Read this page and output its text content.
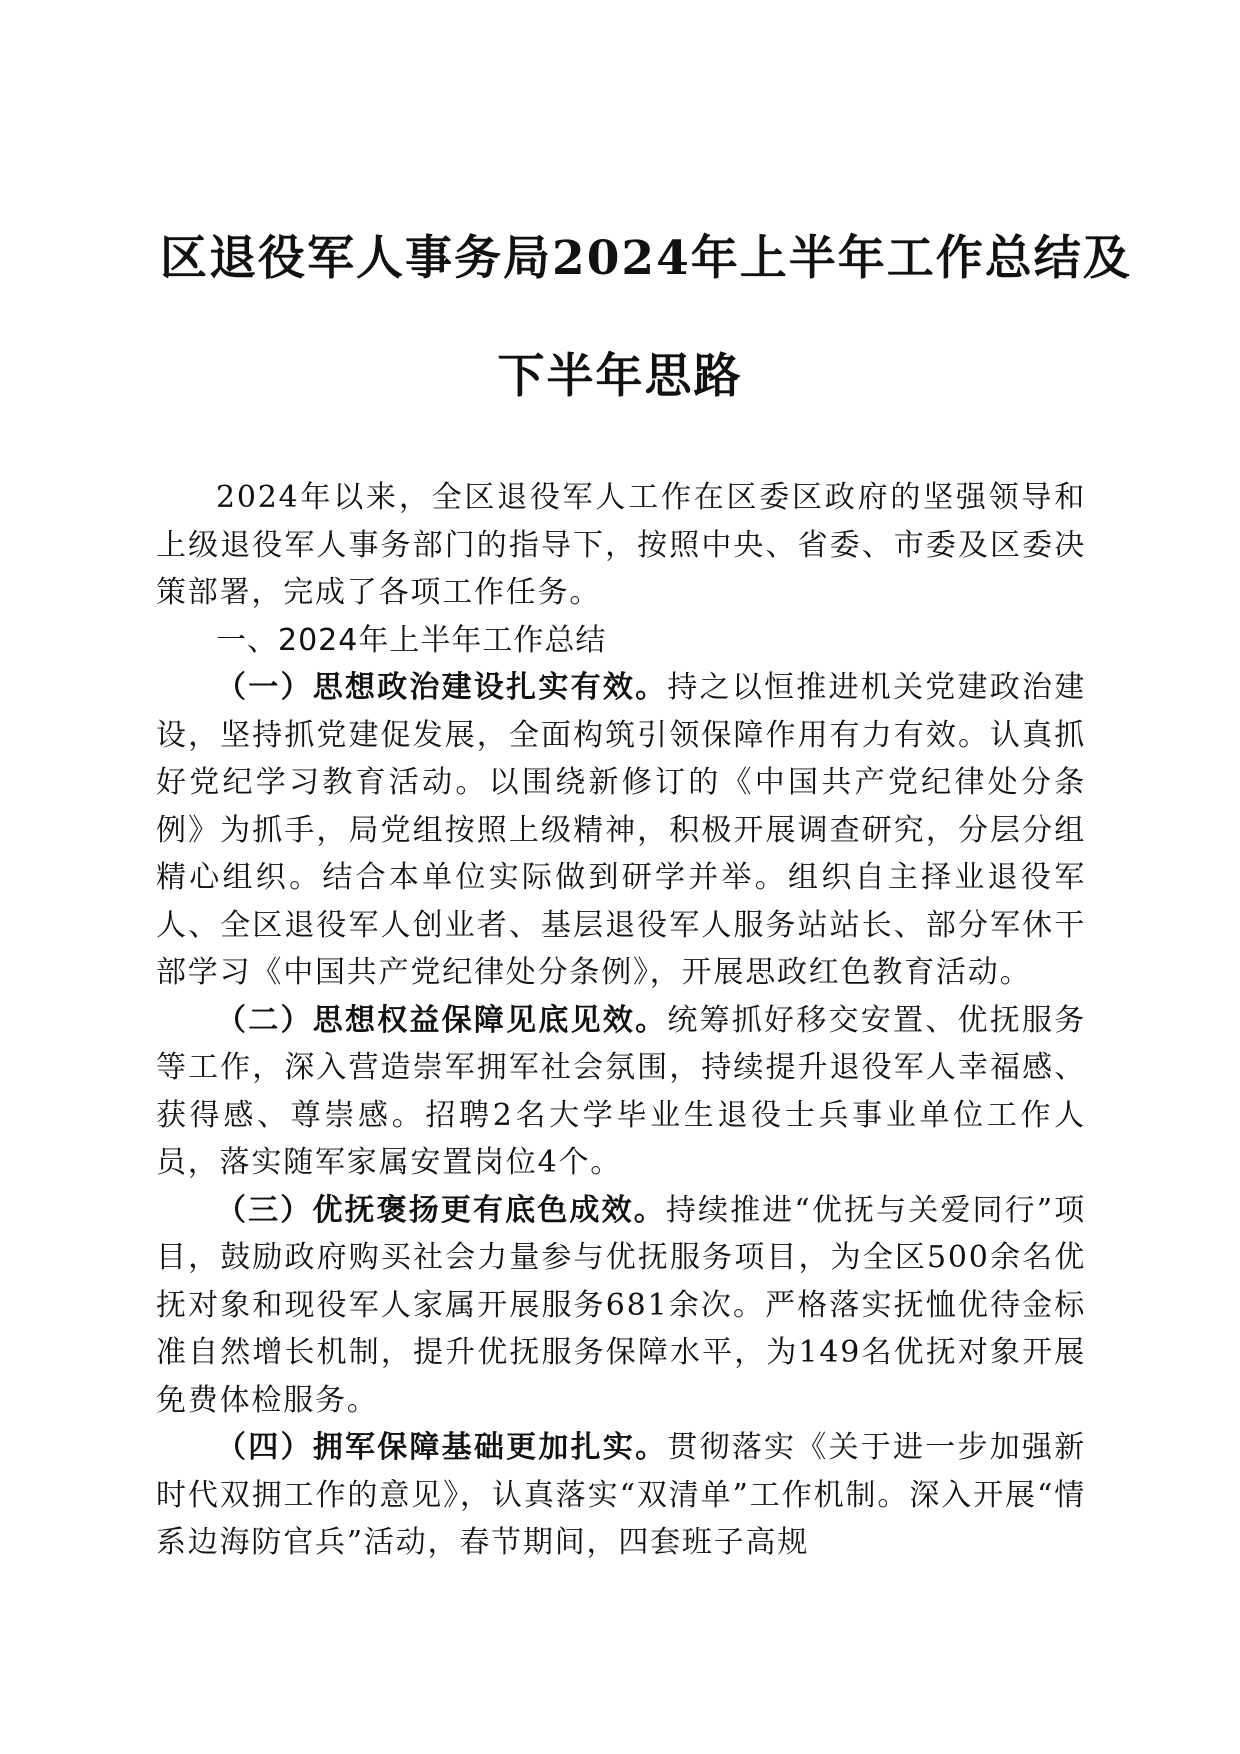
区退役军人事务局2024年上半年工作总结及
下半年思路

2024年以来，全区退役军人工作在区委区政府的坚强领导和上级退役军人事务部门的指导下，按照中央、省委、市委及区委决策部署，完成了各项工作任务。

一、2024年上半年工作总结

（一）思想政治建设扎实有效。持之以恒推进机关党建政治建设，坚持抓党建促发展，全面构筑引领保障作用有力有效。认真抓好党纪学习教育活动。以围绕新修订的《中国共产党纪律处分条例》为抓手，局党组按照上级精神，积极开展调查研究，分层分组精心组织。结合本单位实际做到研学并举。组织自主择业退役军人、全区退役军人创业者、基层退役军人服务站站长、部分军休干部学习《中国共产党纪律处分条例》，开展思政红色教育活动。

（二）思想权益保障见底见效。统筹抓好移交安置、优抚服务等工作，深入营造崇军拥军社会氛围，持续提升退役军人幸福感、获得感、尊崇感。招聘2名大学毕业生退役士兵事业单位工作人员，落实随军家属安置岗位4个。

（三）优抚褒扬更有底色成效。持续推进“优抚与关爱同行”项目，鼓励政府购买社会力量参与优抚服务项目，为全区500余名优抚对象和现役军人家属开展服务681余次。严格落实抚恤优待金标准自然增长机制，提升优抚服务保障水平，为149名优抚对象开展免费体检服务。

（四）拥军保障基础更加扎实。贯彻落实《关于进一步加强新时代双拥工作的意见》，认真落实“双清单”工作机制。深入开展“情系边海防官兵”活动，春节期间，四套班子高规
